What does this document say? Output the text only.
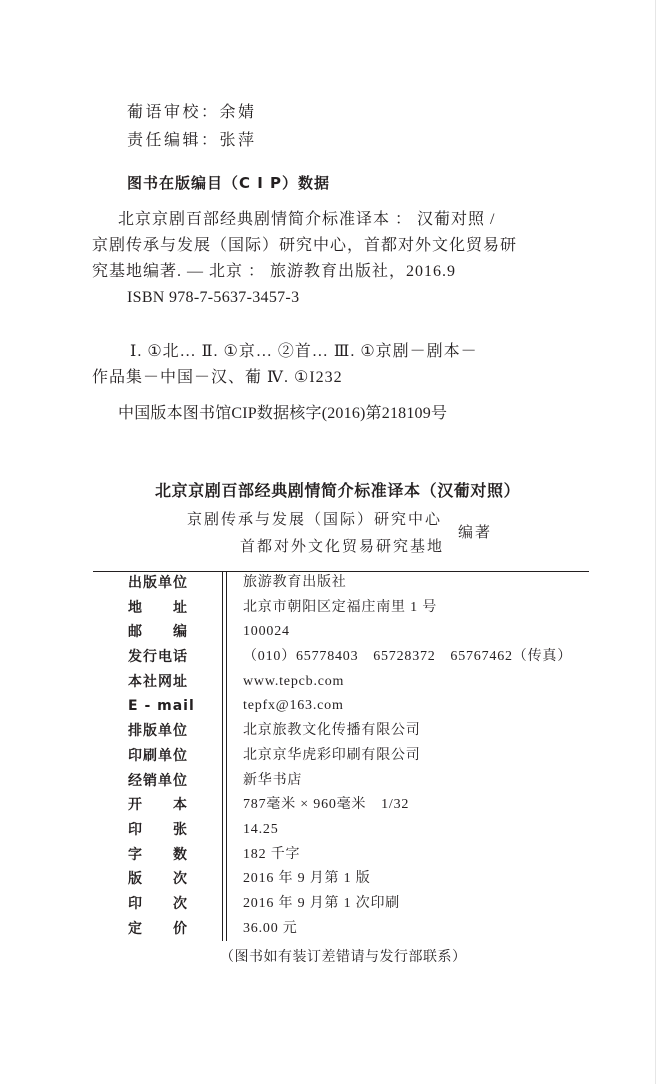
葡语审校：余婧
责任编辑：张萍
图书在版编目（C I P）数据
北京京剧百部经典剧情简介标准译本 ： 汉葡对照 /
京剧传承与发展（国际）研究中心，首都对外文化贸易研
究基地编著. — 北京 ： 旅游教育出版社，2016.9
ISBN 978-7-5637-3457-3
Ⅰ. ①北… Ⅱ. ①京… ②首… Ⅲ. ①京剧－剧本－
作品集－中国－汉、葡 Ⅳ. ①I232
中国版本图书馆CIP数据核字(2016)第218109号
北京京剧百部经典剧情简介标准译本（汉葡对照）
京剧传承与发展（国际）研究中心
首都对外文化贸易研究基地
编著
出版单位	旅游教育出版社
地　　址	北京市朝阳区定福庄南里 1 号
邮　　编	100024
发行电话	（010）65778403　65728372　65767462（传真）
本社网址	www.tepcb.com
E - mail	tepfx@163.com
排版单位	北京旅教文化传播有限公司
印刷单位	北京京华虎彩印刷有限公司
经销单位	新华书店
开　　本	787毫米 × 960毫米　1/32
印　　张	14.25
字　　数	182 千字
版　　次	2016 年 9 月第 1 版
印　　次	2016 年 9 月第 1 次印刷
定　　价	36.00 元
（图书如有装订差错请与发行部联系）
